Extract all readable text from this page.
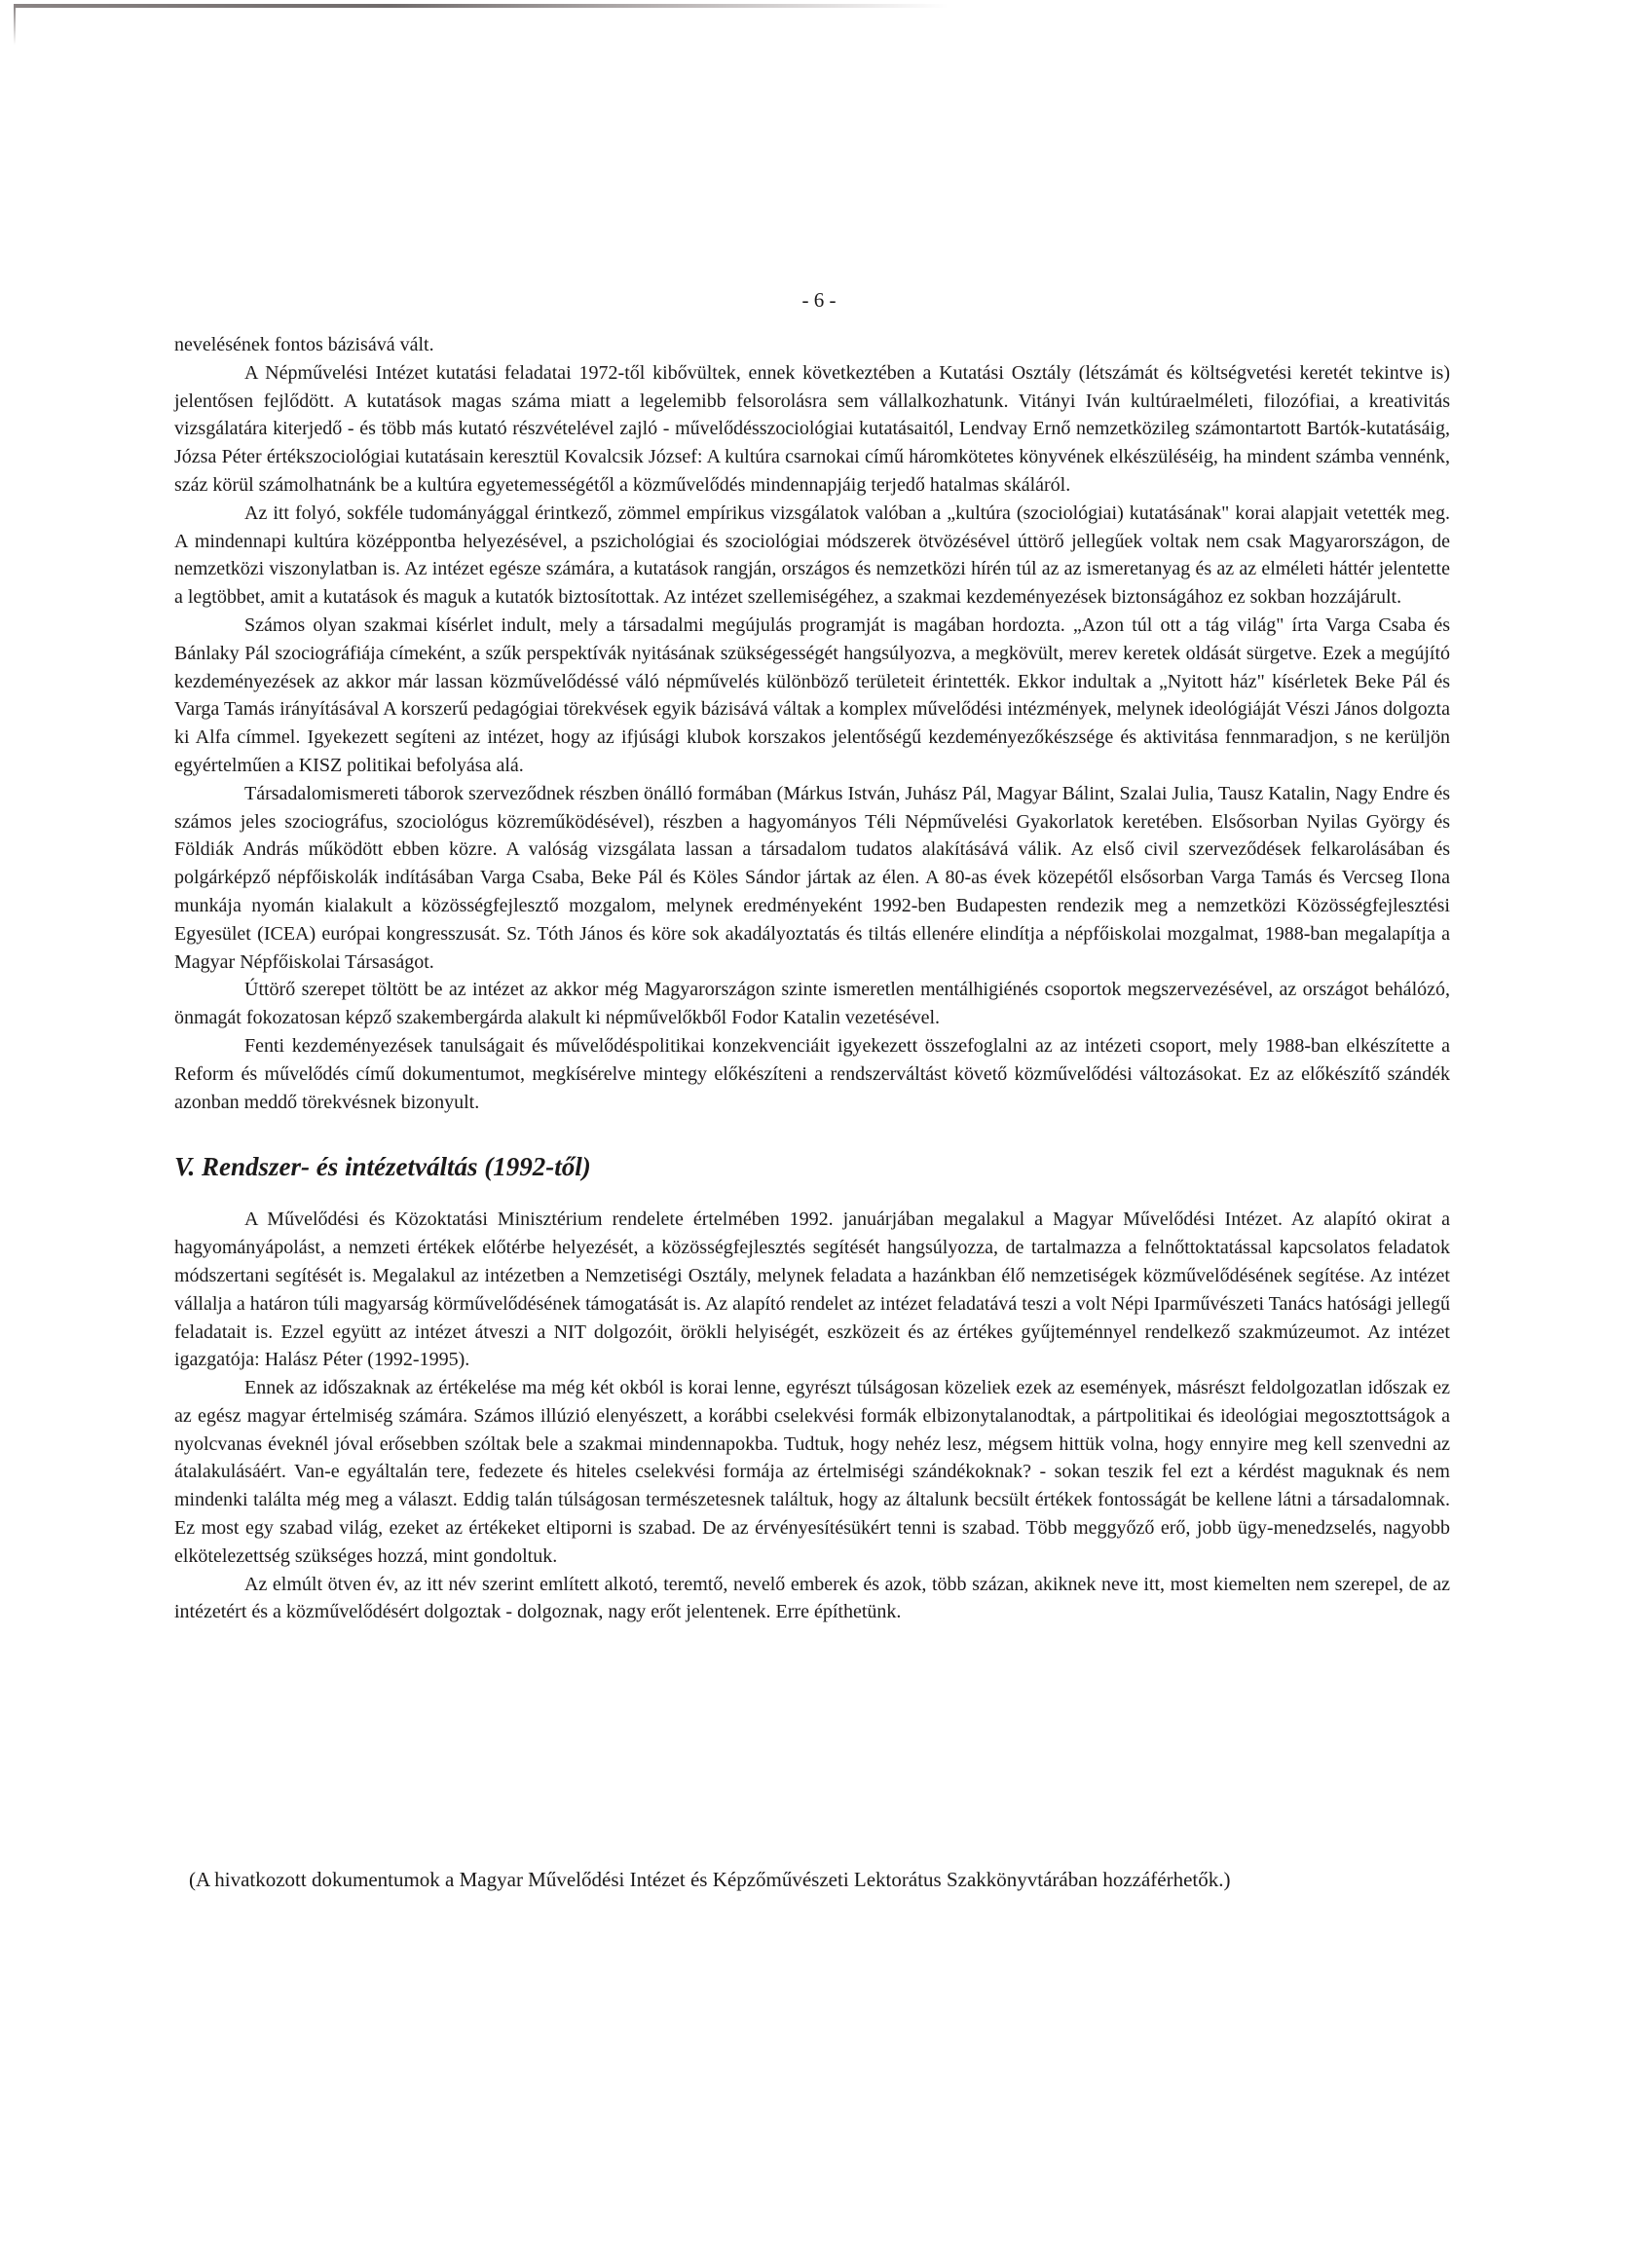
- 6 -

nevelésének fontos bázisává vált.

A Népművelési Intézet kutatási feladatai 1972-től kibővültek, ennek következtében a Kutatási Osztály (létszámát és költségvetési keretét tekintve is) jelentősen fejlődött. A kutatások magas száma miatt a legelemibb felsorolásra sem vállalkozhatunk. Vitányi Iván kultúraelméleti, filozófiai, a kreativitás vizsgálatára kiterjedő - és több más kutató részvételével zajló - művelődésszociológiai kutatásaitól, Lendvay Ernő nemzetközileg számontartott Bartók-kutatásáig, Józsa Péter értékszociológiai kutatásain keresztül Kovalcsik József: A kultúra csarnokai című háromkötetes könyvének elkészüléséig, ha mindent számba vennénk, száz körül számolhatnánk be a kultúra egyetemességétől a közművelődés mindennapjáig terjedő hatalmas skáláról.

Az itt folyó, sokféle tudományággal érintkező, zömmel empírikus vizsgálatok valóban a „kultúra (szociológiai) kutatásának" korai alapjait vetették meg. A mindennapi kultúra középpontba helyezésével, a pszichológiai és szociológiai módszerek ötvözésével úttörő jellegűek voltak nem csak Magyarországon, de nemzetközi viszonylatban is. Az intézet egésze számára, a kutatások rangján, országos és nemzetközi hírén túl az az ismeretanyag és az az elméleti háttér jelentette a legtöbbet, amit a kutatások és maguk a kutatók biztosítottak. Az intézet szellemiségéhez, a szakmai kezdeményezések biztonságához ez sokban hozzájárult.

Számos olyan szakmai kísérlet indult, mely a társadalmi megújulás programját is magában hordozta. „Azon túl ott a tág világ" írta Varga Csaba és Bánlaky Pál szociográfiája címeként, a szűk perspektívák nyitásának szükségességét hangsúlyozva, a megkövült, merev keretek oldását sürgetve. Ezek a megújító kezdeményezések az akkor már lassan közművelődéssé váló népművelés különböző területeit érintették. Ekkor indultak a „Nyitott ház" kísérletek Beke Pál és Varga Tamás irányításával A korszerű pedagógiai törekvések egyik bázisává váltak a komplex művelődési intézmények, melynek ideológiáját Vészi János dolgozta ki Alfa címmel. Igyekezett segíteni az intézet, hogy az ifjúsági klubok korszakos jelentőségű kezdeményezőkészsége és aktivitása fennmaradjon, s ne kerüljön egyértelműen a KISZ politikai befolyása alá.

Társadalomismereti táborok szerveződnek részben önálló formában (Márkus István, Juhász Pál, Magyar Bálint, Szalai Julia, Tausz Katalin, Nagy Endre és számos jeles szociográfus, szociológus közreműködésével), részben a hagyományos Téli Népművelési Gyakorlatok keretében. Elsősorban Nyilas György és Földiák András működött ebben közre. A valóság vizsgálata lassan a társadalom tudatos alakításává válik. Az első civil szerveződések felkarolásában és polgárképző népfőiskolák indításában Varga Csaba, Beke Pál és Köles Sándor jártak az élen. A 80-as évek közepétől elsősorban Varga Tamás és Vercseg Ilona munkája nyomán kialakult a közösségfejlesztő mozgalom, melynek eredményeként 1992-ben Budapesten rendezik meg a nemzetközi Közösségfejlesztési Egyesület (ICEA) európai kongresszusát. Sz. Tóth János és köre sok akadályoztatás és tiltás ellenére elindítja a népfőiskolai mozgalmat, 1988-ban megalapítja a Magyar Népfőiskolai Társaságot.

Úttörő szerepet töltött be az intézet az akkor még Magyarországon szinte ismeretlen mentálhigiénés csoportok megszervezésével, az országot behálózó, önmagát fokozatosan képző szakembergárda alakult ki népművelőkből Fodor Katalin vezetésével.

Fenti kezdeményezések tanulságait és művelődéspolitikai konzekvenciáit igyekezett összefoglalni az az intézeti csoport, mely 1988-ban elkészítette a Reform és művelődés című dokumentumot, megkísérelve mintegy előkészíteni a rendszerváltást követő közművelődési változásokat. Ez az előkészítő szándék azonban meddő törekvésnek bizonyult.

V. Rendszer- és intézetváltás (1992-től)

A Művelődési és Közoktatási Minisztérium rendelete értelmében 1992. januárjában megalakul a Magyar Művelődési Intézet. Az alapító okirat a hagyományápolást, a nemzeti értékek előtérbe helyezését, a közösségfejlesztés segítését hangsúlyozza, de tartalmazza a felnőttoktatással kapcsolatos feladatok módszertani segítését is. Megalakul az intézetben a Nemzetiségi Osztály, melynek feladata a hazánkban élő nemzetiségek közművelődésének segítése. Az intézet vállalja a határon túli magyarság körművelődésének támogatását is. Az alapító rendelet az intézet feladatává teszi a volt Népi Iparművészeti Tanács hatósági jellegű feladatait is. Ezzel együtt az intézet átveszi a NIT dolgozóit, örökli helyiségét, eszközeit és az értékes gyűjteménnyel rendelkező szakmúzeumot. Az intézet igazgatója: Halász Péter (1992-1995).

Ennek az időszaknak az értékelése ma még két okból is korai lenne, egyrészt túlságosan közeliek ezek az események, másrészt feldolgozatlan időszak ez az egész magyar értelmiség számára. Számos illúzió elenyészett, a korábbi cselekvési formák elbizonytalanodtak, a pártpolitikai és ideológiai megosztottságok a nyolcvanas éveknél jóval erősebben szóltak bele a szakmai mindennapokba. Tudtuk, hogy nehéz lesz, mégsem hittük volna, hogy ennyire meg kell szenvedni az átalakulásáért. Van-e egyáltalán tere, fedezete és hiteles cselekvési formája az értelmiségi szándékoknak? - sokan teszik fel ezt a kérdést maguknak és nem mindenki találta még meg a választ. Eddig talán túlságosan természetesnek találtuk, hogy az általunk becsült értékek fontosságát be kellene látni a társadalomnak. Ez most egy szabad világ, ezeket az értékeket eltiporni is szabad. De az érvényesítésükért tenni is szabad. Több meggyőző erő, jobb ügy-menedzselés, nagyobb elkötelezettség szükséges hozzá, mint gondoltuk.

Az elmúlt ötven év, az itt név szerint említett alkotó, teremtő, nevelő emberek és azok, több százan, akiknek neve itt, most kiemelten nem szerepel, de az intézetért és a közművelődésért dolgoztak - dolgoznak, nagy erőt jelentenek. Erre építhetünk.

(A hivatkozott dokumentumok a Magyar Művelődési Intézet és Képzőművészeti Lektorátus Szakkönyvtárában hozzáférhetők.)
